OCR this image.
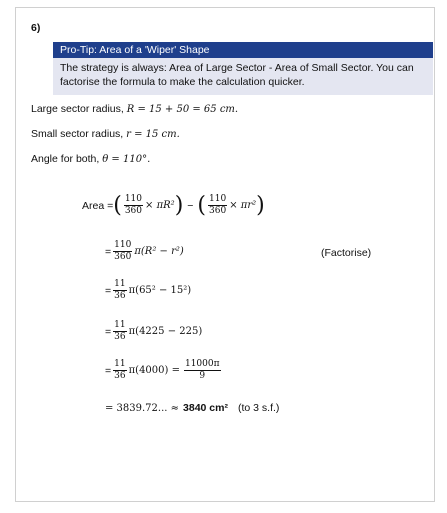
6)
Pro-Tip: Area of a 'Wiper' Shape
The strategy is always: Area of Large Sector - Area of Small Sector. You can factorise the formula to make the calculation quicker.
Large sector radius, R = 15 + 50 = 65 cm.
Small sector radius, r = 15 cm.
Angle for both, θ = 110°.
Area = ( $\frac{110}{360} \times \pi R^2$ ) − ( $\frac{110}{360} \times \pi r^2$ )
= $\frac{110}{360} \pi(R^2 - r^2)$	(Factorise)
= $\frac{11}{36} \pi(65^2 - 15^2)$
= $\frac{11}{36} \pi(4225 - 225)$
= $\frac{11}{36} \pi(4000) = \frac{11000\pi}{9}$
= 3839.72... ≈ 3840 cm² (to 3 s.f.)
